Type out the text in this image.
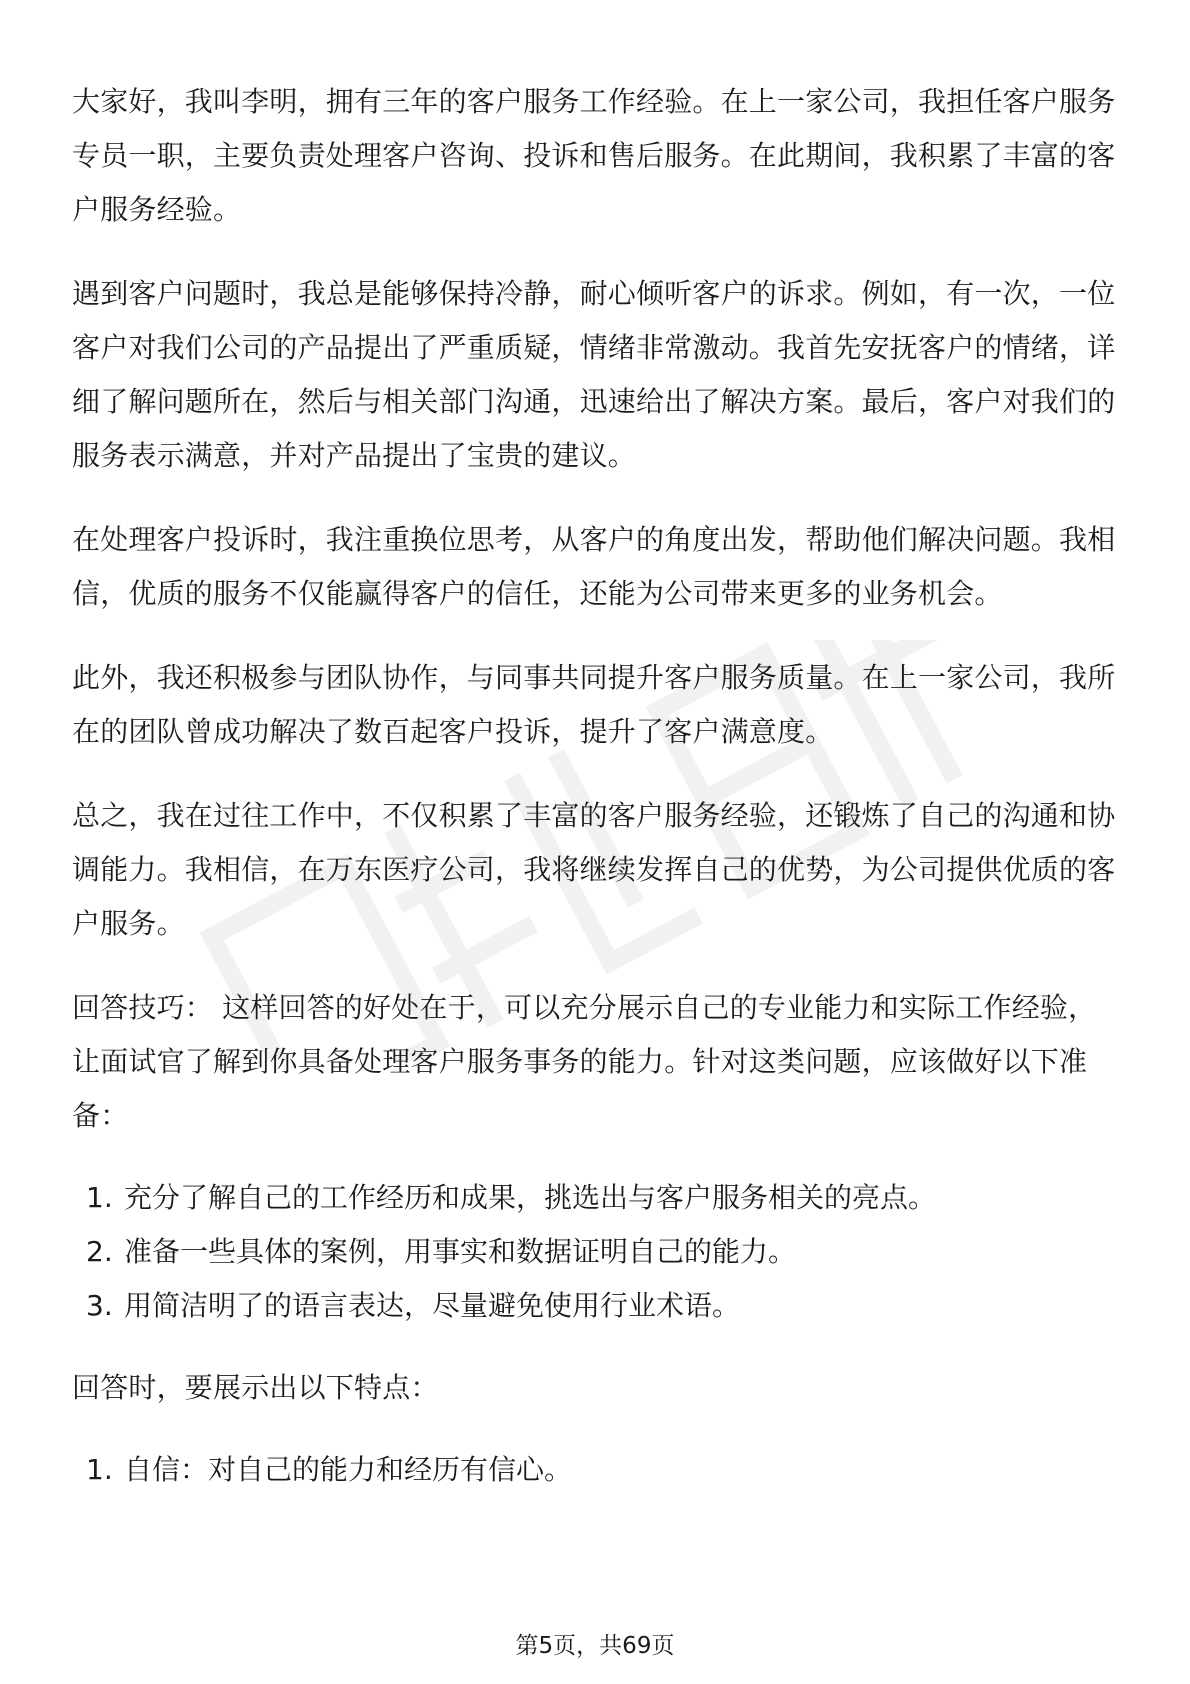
大家好，我叫李明，拥有三年的客户服务工作经验。在上一家公司，我担任客户服务专员一职，主要负责处理客户咨询、投诉和售后服务。在此期间，我积累了丰富的客户服务经验。

遇到客户问题时，我总是能够保持冷静，耐心倾听客户的诉求。例如，有一次，一位客户对我们公司的产品提出了严重质疑，情绪非常激动。我首先安抚客户的情绪，详细了解问题所在，然后与相关部门沟通，迅速给出了解决方案。最后，客户对我们的服务表示满意，并对产品提出了宝贵的建议。

在处理客户投诉时，我注重换位思考，从客户的角度出发，帮助他们解决问题。我相信，优质的服务不仅能赢得客户的信任，还能为公司带来更多的业务机会。

此外，我还积极参与团队协作，与同事共同提升客户服务质量。在上一家公司，我所在的团队曾成功解决了数百起客户投诉，提升了客户满意度。

总之，我在过往工作中，不仅积累了丰富的客户服务经验，还锻炼了自己的沟通和协调能力。我相信，在万东医疗公司，我将继续发挥自己的优势，为公司提供优质的客户服务。

回答技巧： 这样回答的好处在于，可以充分展示自己的专业能力和实际工作经验，让面试官了解到你具备处理客户服务事务的能力。针对这类问题，应该做好以下准备：

1. 充分了解自己的工作经历和成果，挑选出与客户服务相关的亮点。
2. 准备一些具体的案例，用事实和数据证明自己的能力。
3. 用简洁明了的语言表达，尽量避免使用行业术语。

回答时，要展示出以下特点：

1. 自信：对自己的能力和经历有信心。
第5页，共69页
